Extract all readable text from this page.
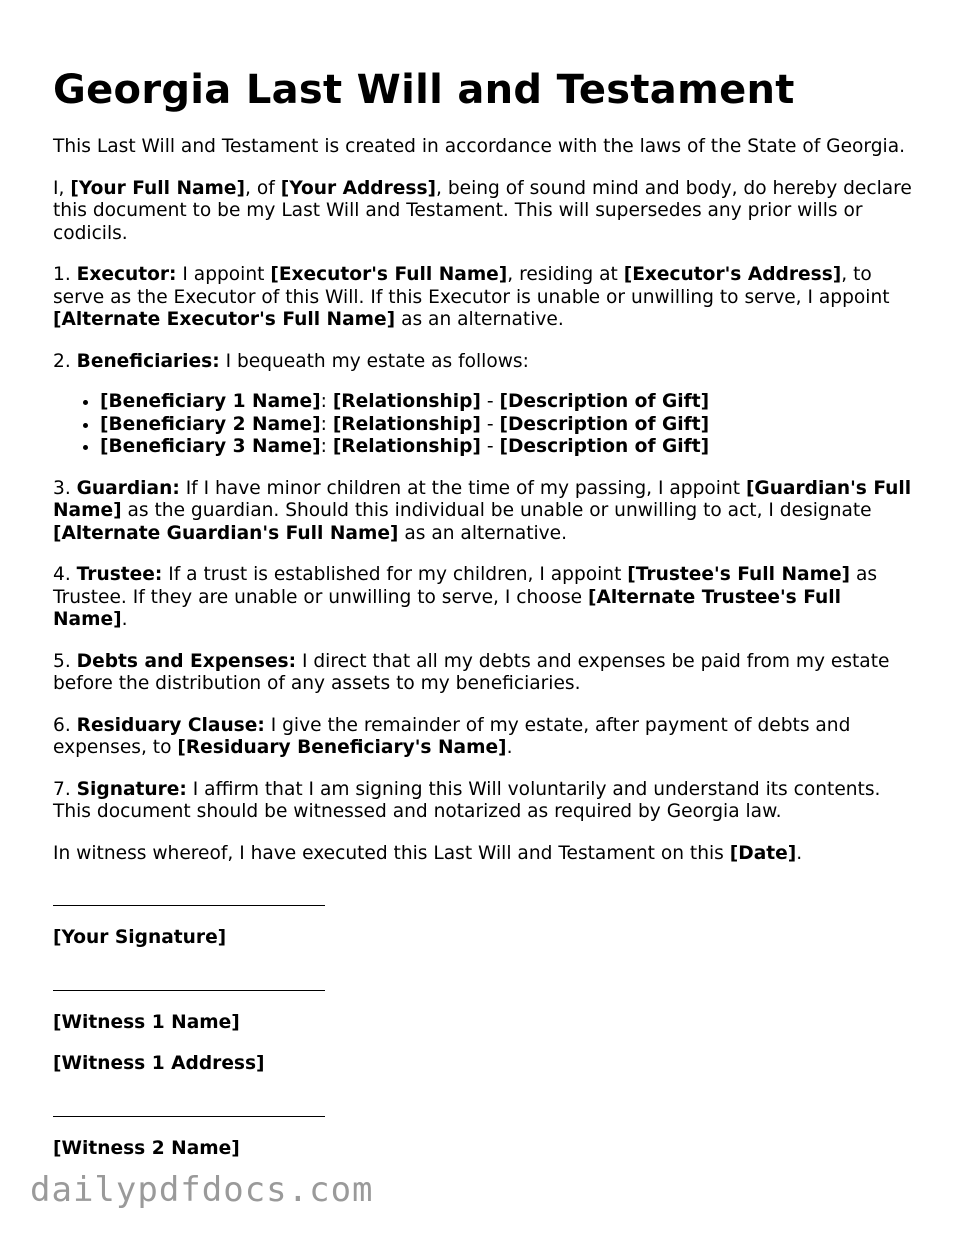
Georgia Last Will and Testament

This Last Will and Testament is created in accordance with the laws of the State of Georgia.

I, [Your Full Name], of [Your Address], being of sound mind and body, do hereby declare this document to be my Last Will and Testament. This will supersedes any prior wills or codicils.

1. Executor: I appoint [Executor's Full Name], residing at [Executor's Address], to serve as the Executor of this Will. If this Executor is unable or unwilling to serve, I appoint [Alternate Executor's Full Name] as an alternative.

2. Beneficiaries: I bequeath my estate as follows:

• [Beneficiary 1 Name]: [Relationship] - [Description of Gift]
• [Beneficiary 2 Name]: [Relationship] - [Description of Gift]
• [Beneficiary 3 Name]: [Relationship] - [Description of Gift]

3. Guardian: If I have minor children at the time of my passing, I appoint [Guardian's Full Name] as the guardian. Should this individual be unable or unwilling to act, I designate [Alternate Guardian's Full Name] as an alternative.

4. Trustee: If a trust is established for my children, I appoint [Trustee's Full Name] as Trustee. If they are unable or unwilling to serve, I choose [Alternate Trustee's Full Name].

5. Debts and Expenses: I direct that all my debts and expenses be paid from my estate before the distribution of any assets to my beneficiaries.

6. Residuary Clause: I give the remainder of my estate, after payment of debts and expenses, to [Residuary Beneficiary's Name].

7. Signature: I affirm that I am signing this Will voluntarily and understand its contents. This document should be witnessed and notarized as required by Georgia law.

In witness whereof, I have executed this Last Will and Testament on this [Date].

[Your Signature]
[Witness 1 Name]
[Witness 1 Address]
[Witness 2 Name]
dailypdfdocs.com
